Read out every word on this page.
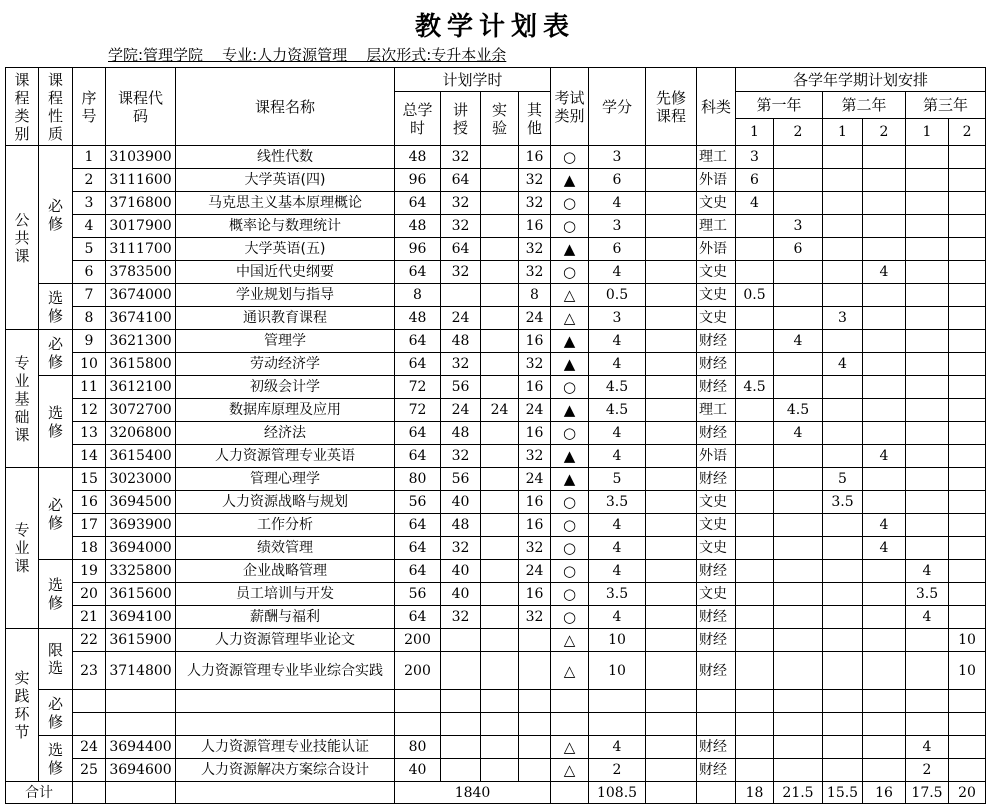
教学计划表
学院:管理学院    专业:人力资源管理    层次形式:专升本业余
课程类别	课程性质	序号	课程代码	课程名称	计划学时				考试类别	学分	先修课程	科类	各学年学期计划安排					
					总学时	讲授	实验	其他					第一年		第二年		第三年	
													1	2	1	2	1	2
公共课	必修	1	3103900	线性代数	48	32		16	○	3		理工	3					
		2	3111600	大学英语(四)	96	64		32	▲	6		外语	6					
		3	3716800	马克思主义基本原理概论	64	32		32	○	4		文史	4					
		4	3017900	概率论与数理统计	48	32		16	○	3		理工		3				
		5	3111700	大学英语(五)	96	64		32	▲	6		外语		6				
		6	3783500	中国近代史纲要	64	32		32	○	4		文史				4		
	选修	7	3674000	学业规划与指导	8			8	△	0.5		文史	0.5					
		8	3674100	通识教育课程	48	24		24	△	3		文史			3			
专业基础课	必修	9	3621300	管理学	64	48		16	▲	4		财经		4				
		10	3615800	劳动经济学	64	32		32	▲	4		财经			4			
	选修	11	3612100	初级会计学	72	56		16	○	4.5		财经	4.5					
		12	3072700	数据库原理及应用	72	24	24	24	▲	4.5		理工		4.5				
		13	3206800	经济法	64	48		16	○	4		财经		4				
		14	3615400	人力资源管理专业英语	64	32		32	▲	4		外语				4		
专业课	必修	15	3023000	管理心理学	80	56		24	▲	5		财经			5			
		16	3694500	人力资源战略与规划	56	40		16	○	3.5		文史			3.5			
		17	3693900	工作分析	64	48		16	○	4		文史				4		
		18	3694000	绩效管理	64	32		32	○	4		文史				4		
	选修	19	3325800	企业战略管理	64	40		24	○	4		财经					4	
		20	3615600	员工培训与开发	56	40		16	○	3.5		文史					3.5	
		21	3694100	薪酬与福利	64	32		32	○	4		财经					4	
实践环节	限选	22	3615900	人力资源管理毕业论文	200				△	10		财经						10
		23	3714800	人力资源管理专业毕业综合实践	200				△	10		财经						10
	必修																	

	选修	24	3694400	人力资源管理专业技能认证	80				△	4		财经					4	
		25	3694600	人力资源解决方案综合设计	40				△	2		财经					2	
合计					1840					108.5			18	21.5	15.5	16	17.5	20
